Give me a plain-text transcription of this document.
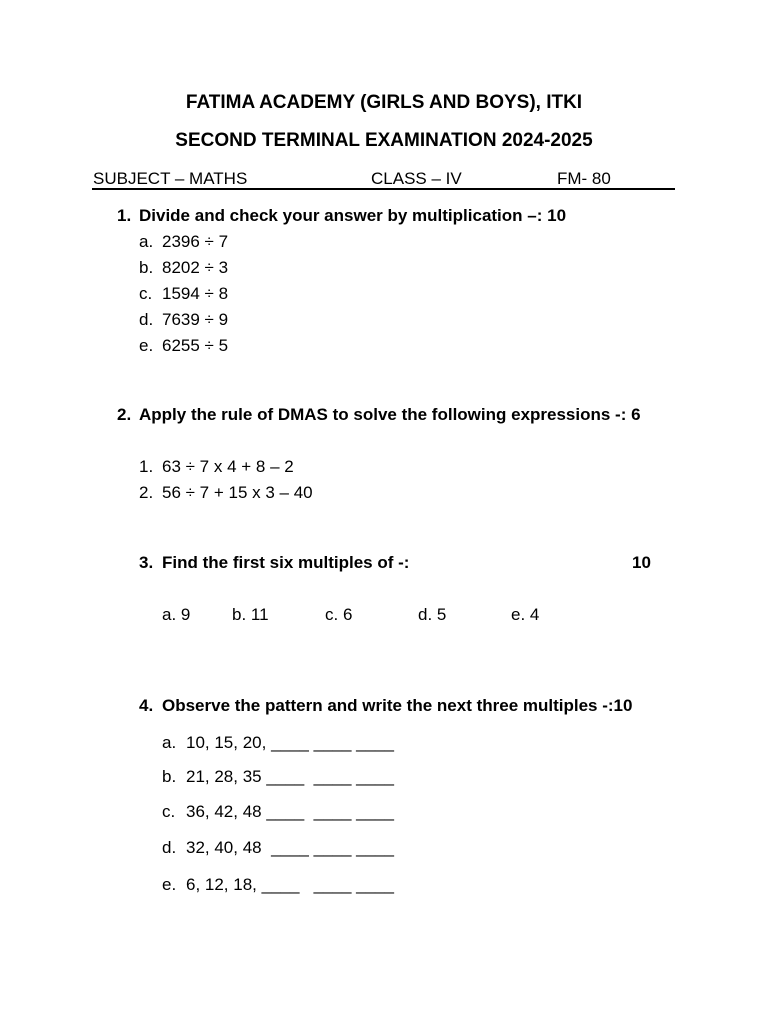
FATIMA ACADEMY (GIRLS AND BOYS), ITKI
SECOND TERMINAL EXAMINATION 2024-2025
SUBJECT – MATHS	CLASS – IV	FM- 80
1. Divide and check your answer by multiplication –: 10
a. 2396 ÷ 7
b. 8202 ÷ 3
c. 1594 ÷ 8
d. 7639 ÷ 9
e. 6255 ÷ 5
2. Apply the rule of DMAS to solve the following expressions -: 6
1. 63 ÷ 7 x 4 + 8 – 2
2. 56 ÷ 7 + 15 x 3 – 40
3. Find the first six multiples of -:	10
a. 9 b. 11	c. 6	d. 5	e. 4
4. Observe the pattern and write the next three multiples -:10
a. 10, 15, 20, ____ ____ ____
b. 21, 28, 35 ____  ____ ____
c. 36, 42, 48 ____  ____ ____
d. 32, 40, 48  ____ ____ ____
e. 6, 12, 18, ____   ____ ____
